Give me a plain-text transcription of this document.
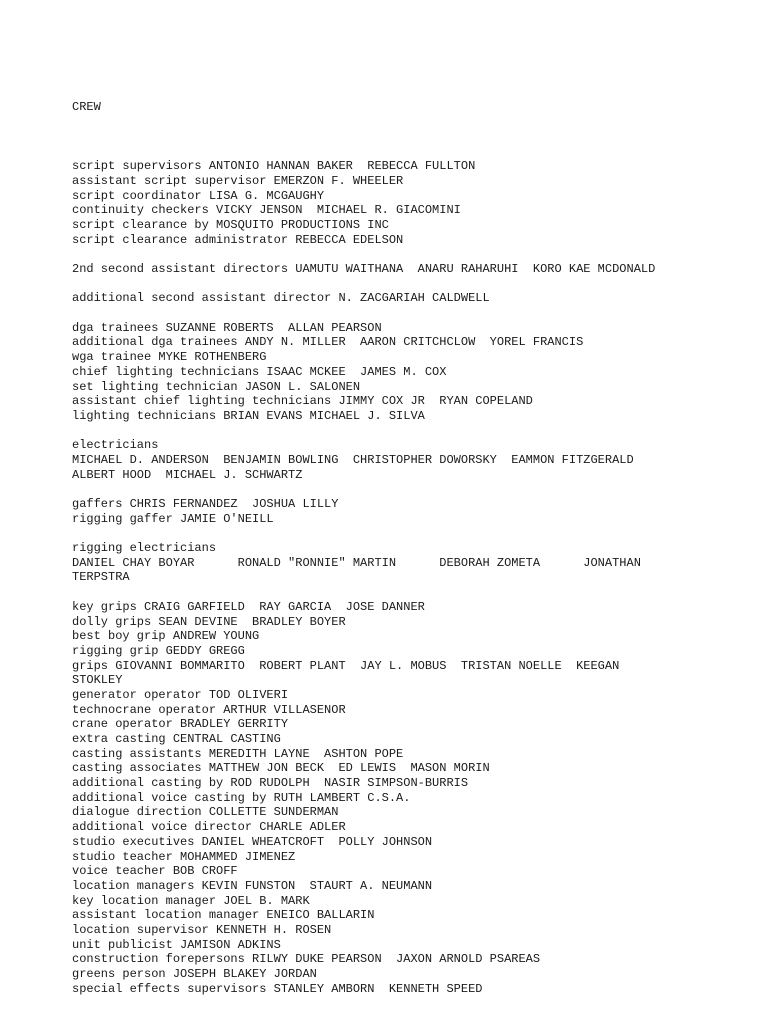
CREW

script supervisors ANTONIO HANNAN BAKER  REBECCA FULLTON
assistant script supervisor EMERZON F. WHEELER
script coordinator LISA G. MCGAUGHY
continuity checkers VICKY JENSON  MICHAEL R. GIACOMINI
script clearance by MOSQUITO PRODUCTIONS INC
script clearance administrator REBECCA EDELSON
2nd second assistant directors UAMUTU WAITHANA  ANARU RAHARUHI  KORO KAE MCDONALD
additional second assistant director N. ZACGARIAH CALDWELL
dga trainees SUZANNE ROBERTS  ALLAN PEARSON
additional dga trainees ANDY N. MILLER  AARON CRITCHCLOW  YOREL FRANCIS
wga trainee MYKE ROTHENBERG
chief lighting technicians ISAAC MCKEE  JAMES M. COX
set lighting technician JASON L. SALONEN
assistant chief lighting technicians JIMMY COX JR  RYAN COPELAND
lighting technicians BRIAN EVANS MICHAEL J. SILVA
electricians
MICHAEL D. ANDERSON  BENJAMIN BOWLING  CHRISTOPHER DOWORSKY  EAMMON FITZGERALD
ALBERT HOOD  MICHAEL J. SCHWARTZ
gaffers CHRIS FERNANDEZ  JOSHUA LILLY
rigging gaffer JAMIE O'NEILL
rigging electricians
DANIEL CHAY BOYAR      RONALD "RONNIE" MARTIN      DEBORAH ZOMETA      JONATHAN
TERPSTRA
key grips CRAIG GARFIELD  RAY GARCIA  JOSE DANNER
dolly grips SEAN DEVINE  BRADLEY BOYER
best boy grip ANDREW YOUNG
rigging grip GEDDY GREGG
grips GIOVANNI BOMMARITO  ROBERT PLANT  JAY L. MOBUS  TRISTAN NOELLE  KEEGAN
STOKLEY
generator operator TOD OLIVERI
technocrane operator ARTHUR VILLASENOR
crane operator BRADLEY GERRITY
extra casting CENTRAL CASTING
casting assistants MEREDITH LAYNE  ASHTON POPE
casting associates MATTHEW JON BECK  ED LEWIS  MASON MORIN
additional casting by ROD RUDOLPH  NASIR SIMPSON-BURRIS
additional voice casting by RUTH LAMBERT C.S.A.
dialogue direction COLLETTE SUNDERMAN
additional voice director CHARLE ADLER
studio executives DANIEL WHEATCROFT  POLLY JOHNSON
studio teacher MOHAMMED JIMENEZ
voice teacher BOB CROFF
location managers KEVIN FUNSTON  STAURT A. NEUMANN
key location manager JOEL B. MARK
assistant location manager ENEICO BALLARIN
location supervisor KENNETH H. ROSEN
unit publicist JAMISON ADKINS
construction forepersons RILWY DUKE PEARSON  JAXON ARNOLD PSAREAS
greens person JOSEPH BLAKEY JORDAN
special effects supervisors STANLEY AMBORN  KENNETH SPEED
